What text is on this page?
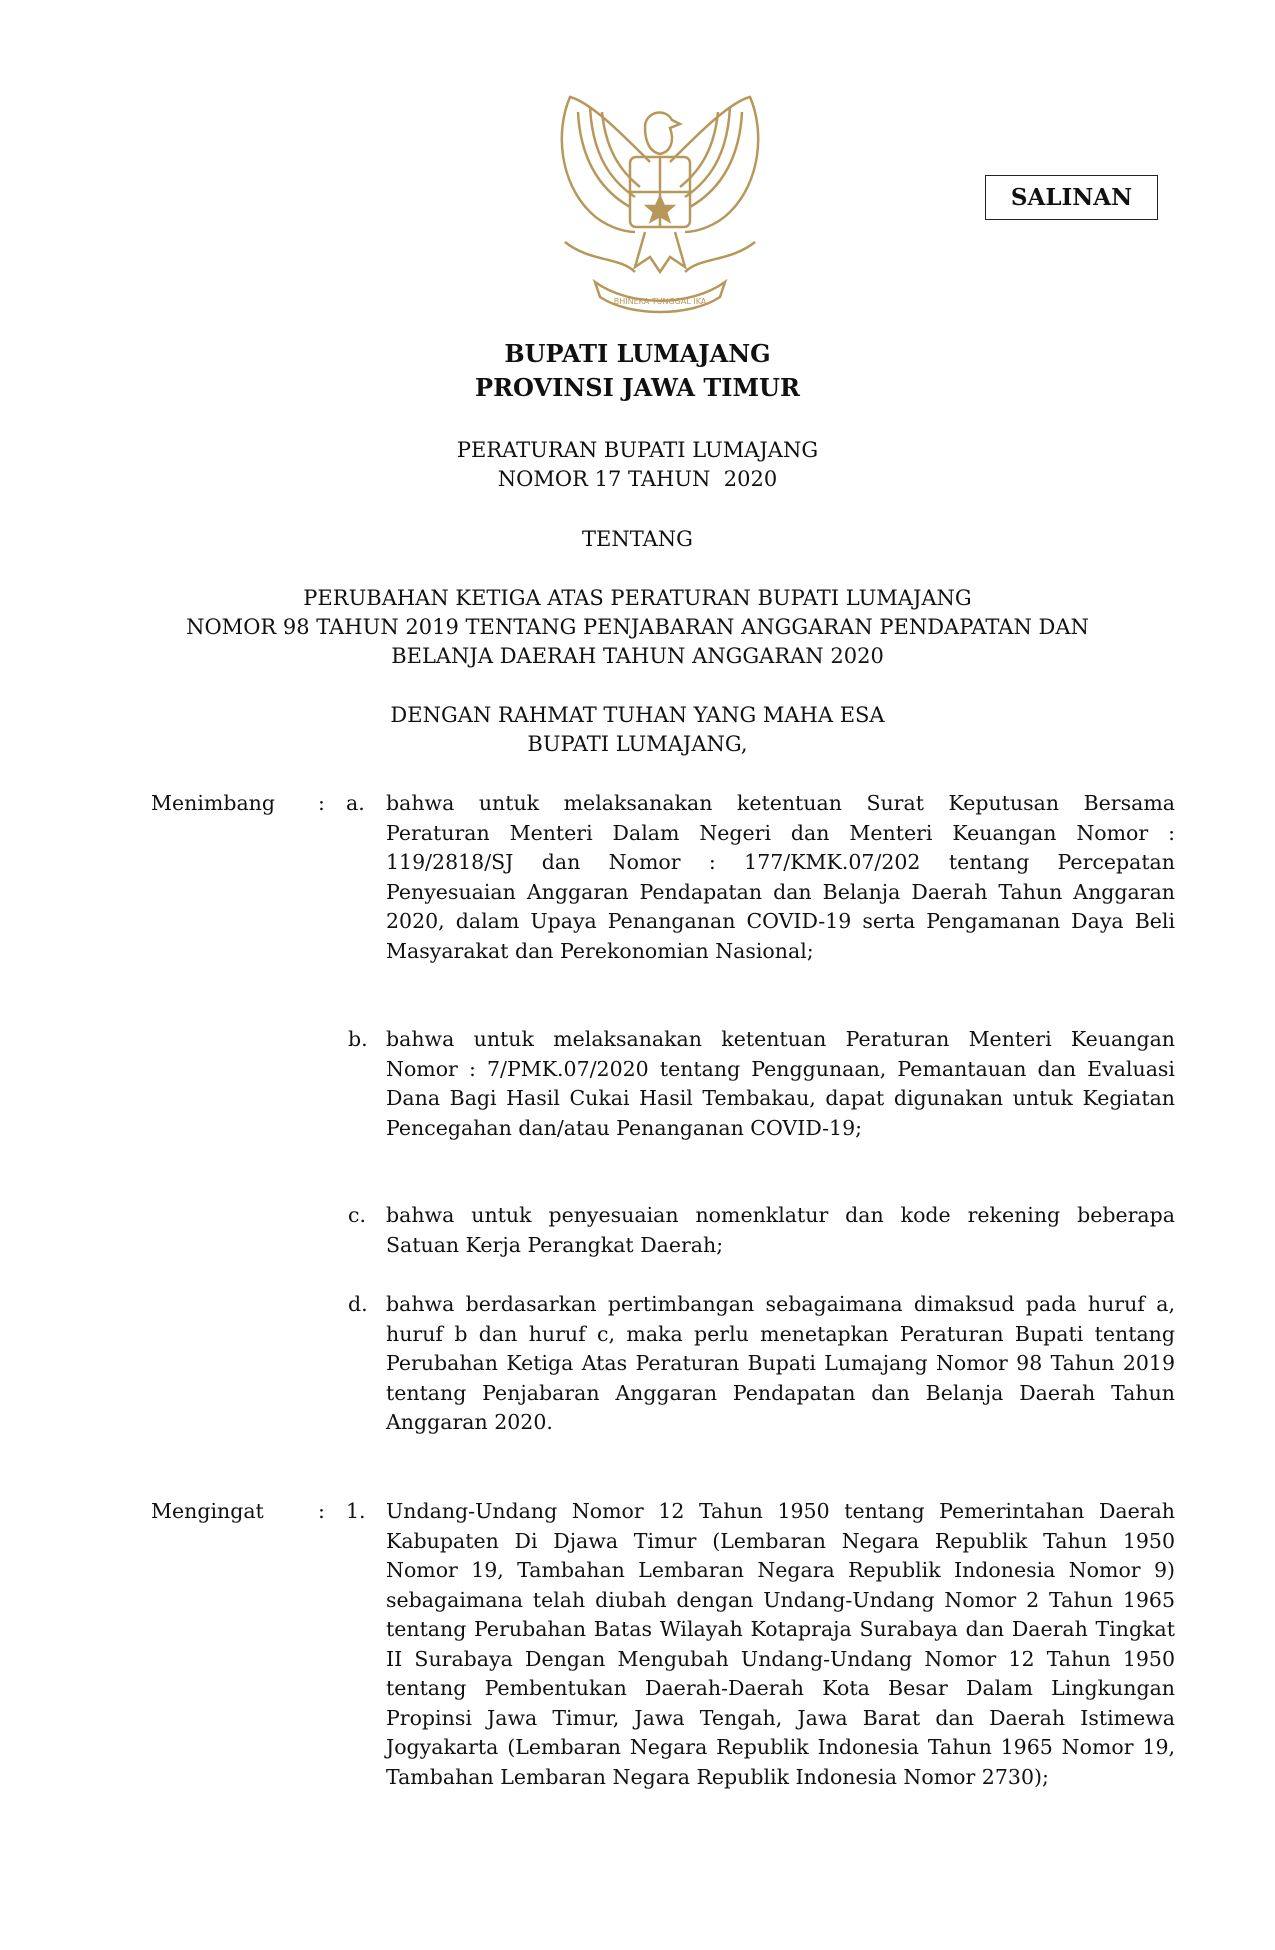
BHINEKA TUNGGAL IKA
SALINAN
BUPATI LUMAJANG
PROVINSI JAWA TIMUR
PERATURAN BUPATI LUMAJANG
NOMOR 17 TAHUN  2020
TENTANG
PERUBAHAN KETIGA ATAS PERATURAN BUPATI LUMAJANG
NOMOR 98 TAHUN 2019 TENTANG PENJABARAN ANGGARAN PENDAPATAN DAN
BELANJA DAERAH TAHUN ANGGARAN 2020
DENGAN RAHMAT TUHAN YANG MAHA ESA
BUPATI LUMAJANG,
Menimbang : a. bahwa untuk melaksanakan ketentuan Surat Keputusan Bersama Peraturan Menteri Dalam Negeri dan Menteri Keuangan Nomor : 119/2818/SJ dan Nomor : 177/KMK.07/202 tentang Percepatan Penyesuaian Anggaran Pendapatan dan Belanja Daerah Tahun Anggaran 2020, dalam Upaya Penanganan COVID-19 serta Pengamanan Daya Beli Masyarakat dan Perekonomian Nasional;
b. bahwa untuk melaksanakan ketentuan Peraturan Menteri Keuangan Nomor : 7/PMK.07/2020 tentang Penggunaan, Pemantauan dan Evaluasi Dana Bagi Hasil Cukai Hasil Tembakau, dapat digunakan untuk Kegiatan Pencegahan dan/atau Penanganan COVID-19;
c. bahwa untuk penyesuaian nomenklatur dan kode rekening beberapa Satuan Kerja Perangkat Daerah;
d. bahwa berdasarkan pertimbangan sebagaimana dimaksud pada huruf a, huruf b dan huruf c, maka perlu menetapkan Peraturan Bupati tentang Perubahan Ketiga Atas Peraturan Bupati Lumajang Nomor 98 Tahun 2019 tentang Penjabaran Anggaran Pendapatan dan Belanja Daerah Tahun Anggaran 2020.
Mengingat	: 1. Undang-Undang Nomor 12 Tahun 1950 tentang Pemerintahan Daerah Kabupaten Di Djawa Timur (Lembaran Negara Republik Tahun 1950 Nomor 19, Tambahan Lembaran Negara Republik Indonesia Nomor 9) sebagaimana telah diubah dengan Undang-Undang Nomor 2 Tahun 1965 tentang Perubahan Batas Wilayah Kotapraja Surabaya dan Daerah Tingkat II Surabaya Dengan Mengubah Undang-Undang Nomor 12 Tahun 1950 tentang Pembentukan Daerah-Daerah Kota Besar Dalam Lingkungan Propinsi Jawa Timur, Jawa Tengah, Jawa Barat dan Daerah Istimewa Jogyakarta (Lembaran Negara Republik Indonesia Tahun 1965 Nomor 19, Tambahan Lembaran Negara Republik Indonesia Nomor 2730);
